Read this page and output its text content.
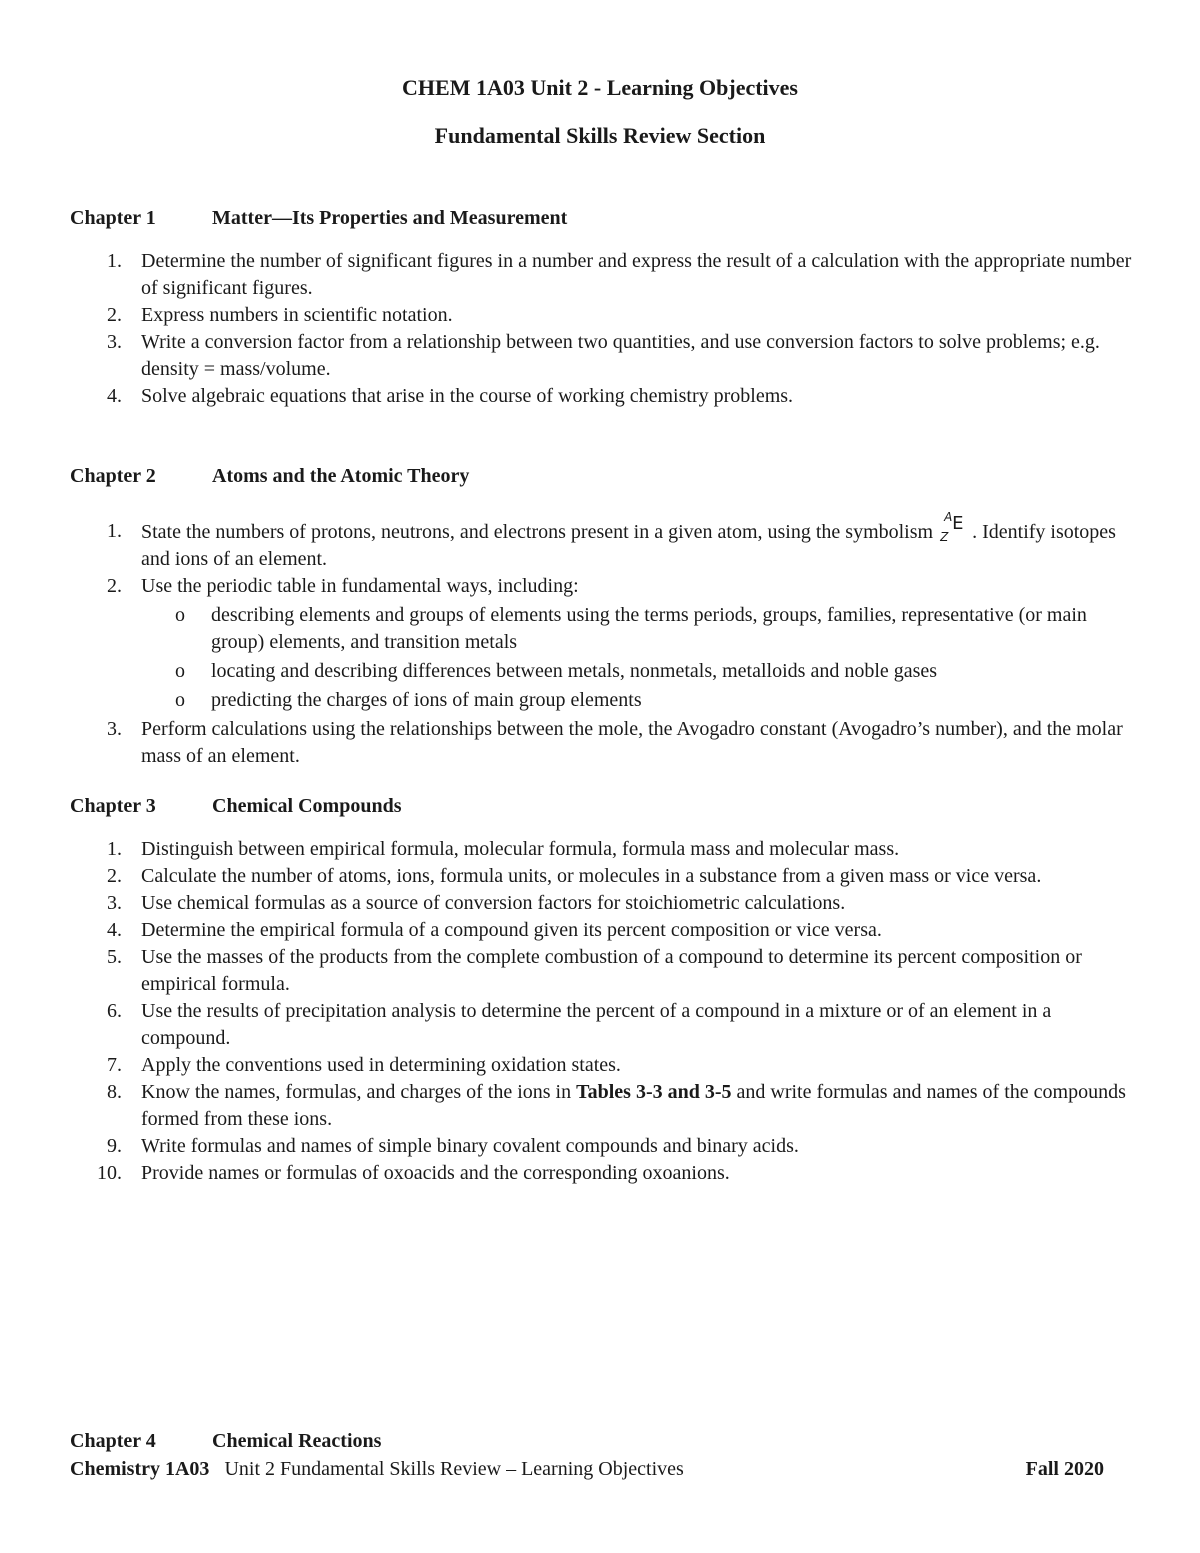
CHEM 1A03 Unit 2 - Learning Objectives
Fundamental Skills Review Section
Chapter 1	Matter—Its Properties and Measurement
1. Determine the number of significant figures in a number and express the result of a calculation with the appropriate number of significant figures.
2. Express numbers in scientific notation.
3. Write a conversion factor from a relationship between two quantities, and use conversion factors to solve problems; e.g. density = mass/volume.
4. Solve algebraic equations that arise in the course of working chemistry problems.
Chapter 2	Atoms and the Atomic Theory
1. State the numbers of protons, neutrons, and electrons present in a given atom, using the symbolism
A
Z
E . Identify isotopes and ions of an element.
2. Use the periodic table in fundamental ways, including:
o describing elements and groups of elements using the terms periods, groups, families, representative (or main group) elements, and transition metals
o locating and describing differences between metals, nonmetals, metalloids and noble gases
o predicting the charges of ions of main group elements
3. Perform calculations using the relationships between the mole, the Avogadro constant (Avogadro’s number), and the molar mass of an element.
Chapter 3	Chemical Compounds
1. Distinguish between empirical formula, molecular formula, formula mass and molecular mass.
2. Calculate the number of atoms, ions, formula units, or molecules in a substance from a given mass or vice versa.
3. Use chemical formulas as a source of conversion factors for stoichiometric calculations.
4. Determine the empirical formula of a compound given its percent composition or vice versa.
5. Use the masses of the products from the complete combustion of a compound to determine its percent composition or empirical formula.
6. Use the results of precipitation analysis to determine the percent of a compound in a mixture or of an element in a compound.
7. Apply the conventions used in determining oxidation states.
8. Know the names, formulas, and charges of the ions in Tables 3-3 and 3-5 and write formulas and names of the compounds formed from these ions.
9. Write formulas and names of simple binary covalent compounds and binary acids.
10. Provide names or formulas of oxoacids and the corresponding oxoanions.
Chapter 4	Chemical Reactions
Chemistry 1A03 Unit 2 Fundamental Skills Review – Learning Objectives	Fall 2020
